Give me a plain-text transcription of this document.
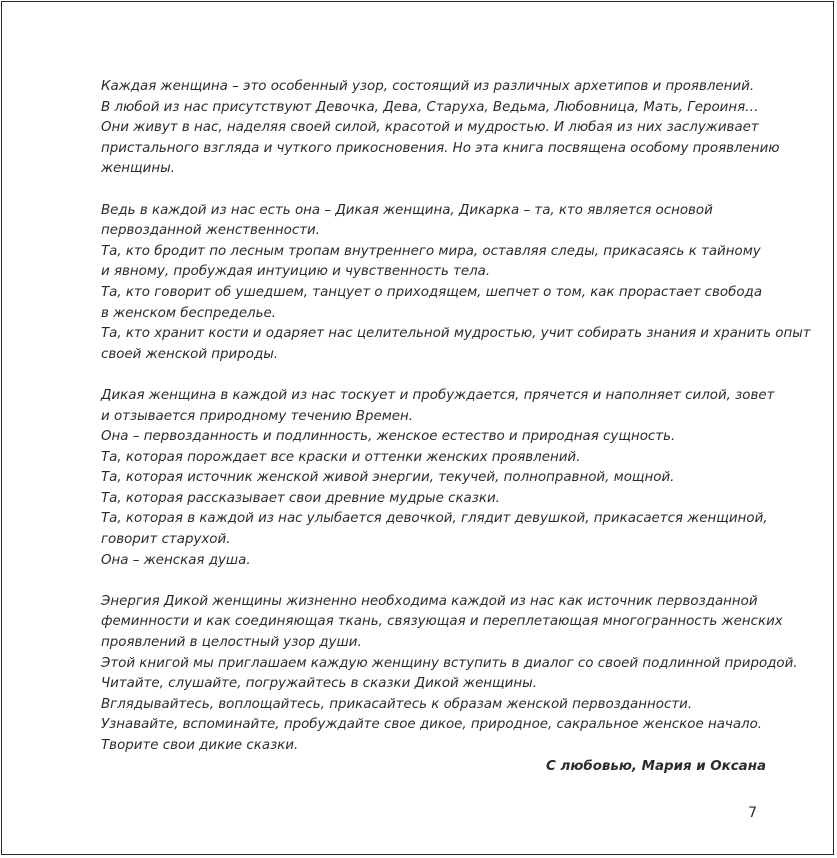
Каждая женщина – это особенный узор, состоящий из различных архетипов и проявлений.
В любой из нас присутствуют Девочка, Дева, Старуха, Ведьма, Любовница, Мать, Героиня…
Они живут в нас, наделяя своей силой, красотой и мудростью. И любая из них заслуживает
пристального взгляда и чуткого прикосновения. Но эта книга посвящена особому проявлению
женщины.

Ведь в каждой из нас есть она – Дикая женщина, Дикарка – та, кто является основой
первозданной женственности.
Та, кто бродит по лесным тропам внутреннего мира, оставляя следы, прикасаясь к тайному
и явному, пробуждая интуицию и чувственность тела.
Та, кто говорит об ушедшем, танцует о приходящем, шепчет о том, как прорастает свобода
в женском беспределье.
Та, кто хранит кости и одаряет нас целительной мудростью, учит собирать знания и хранить опыт
своей женской природы.

Дикая женщина в каждой из нас тоскует и пробуждается, прячется и наполняет силой, зовет
и отзывается природному течению Времен.
Она – первозданность и подлинность, женское естество и природная сущность.
Та, которая порождает все краски и оттенки женских проявлений.
Та, которая источник женской живой энергии, текучей, полноправной, мощной.
Та, которая рассказывает свои древние мудрые сказки.
Та, которая в каждой из нас улыбается девочкой, глядит девушкой, прикасается женщиной,
говорит старухой.
Она – женская душа.

Энергия Дикой женщины жизненно необходима каждой из нас как источник первозданной
феминности и как соединяющая ткань, связующая и переплетающая многогранность женских
проявлений в целостный узор души.
Этой книгой мы приглашаем каждую женщину вступить в диалог со своей подлинной природой.
Читайте, слушайте, погружайтесь в сказки Дикой женщины.
Вглядывайтесь, воплощайтесь, прикасайтесь к образам женской первозданности.
Узнавайте, вспоминайте, пробуждайте свое дикое, природное, сакральное женское начало.
Творите свои дикие сказки.

С любовью, Мария и Оксана
7
